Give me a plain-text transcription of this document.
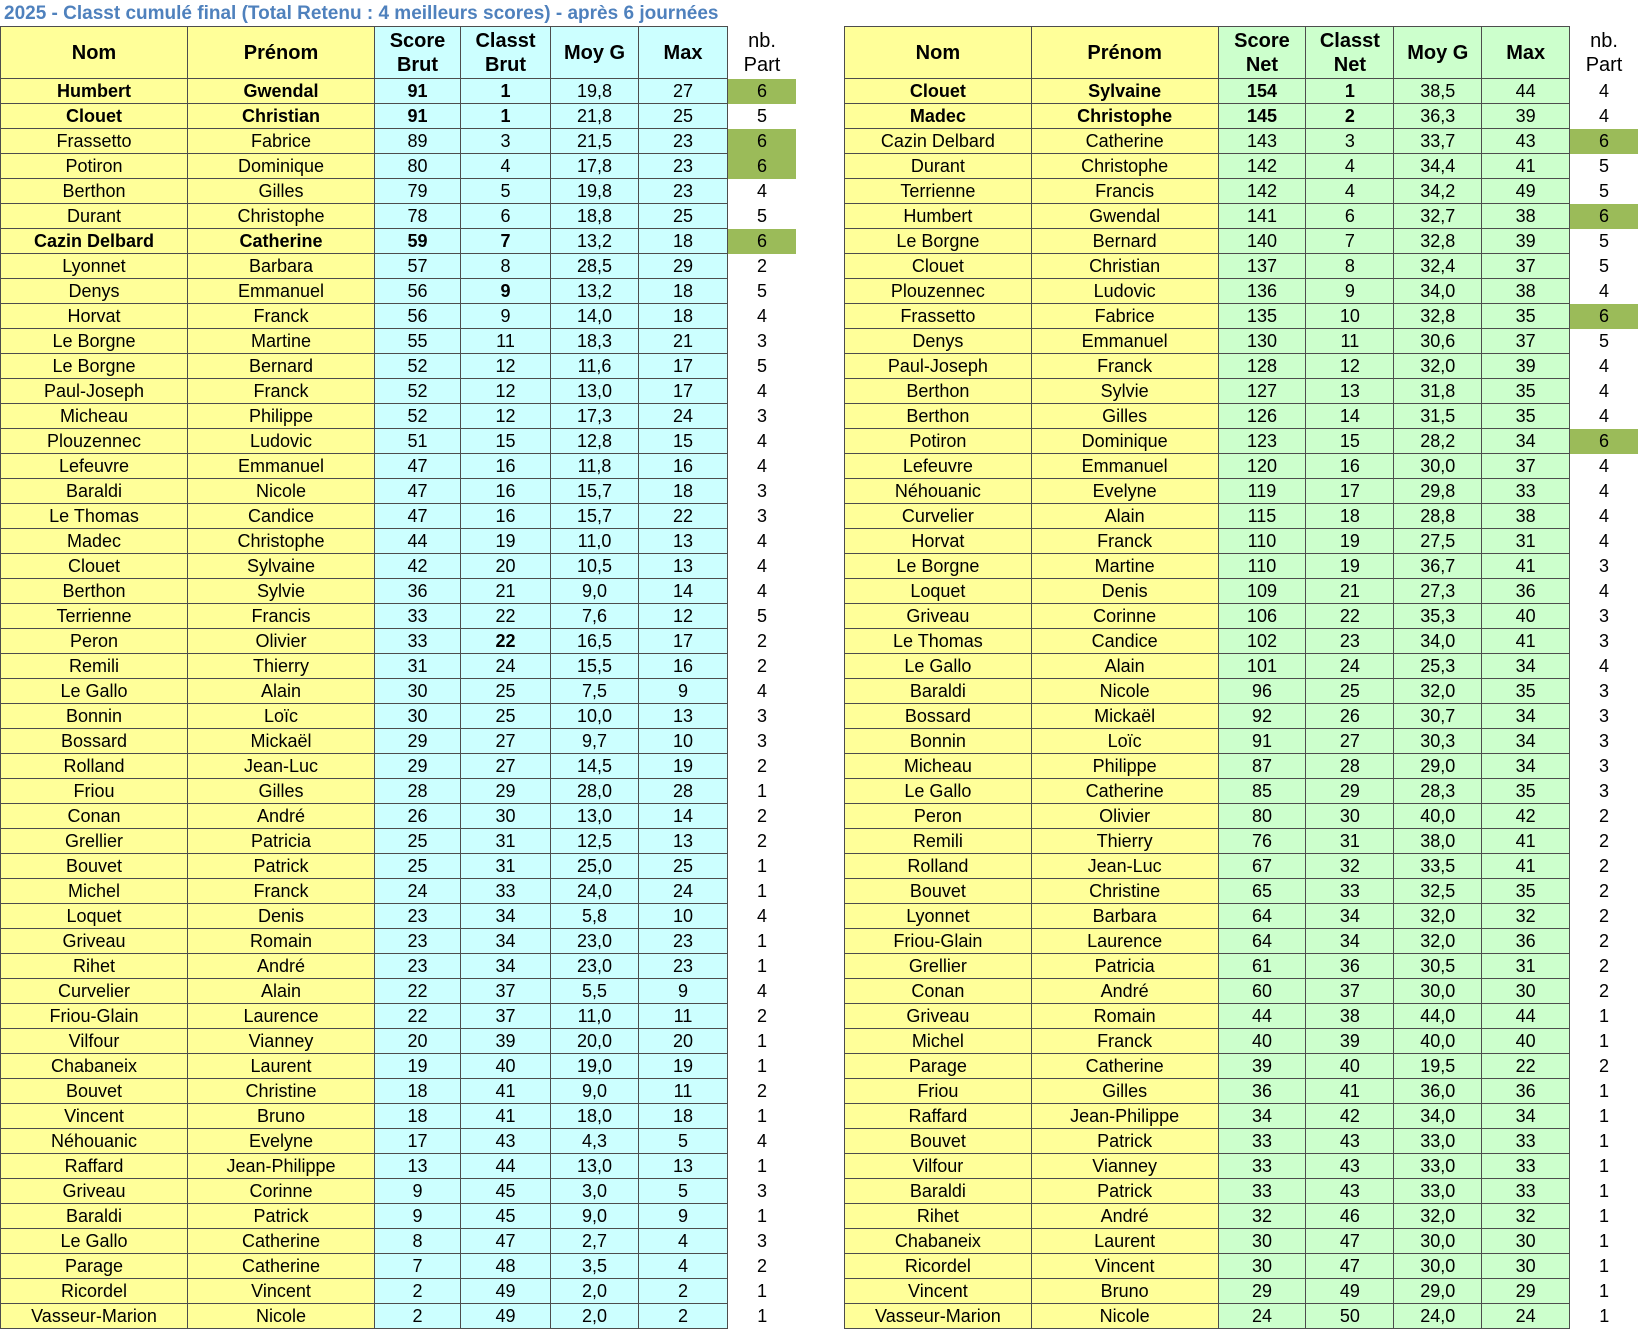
2025 - Classt cumulé final (Total Retenu : 4 meilleurs scores) - après 6 journées
Nom	Prénom	Score Brut	Classt Brut	Moy G	Max	nb. Part
Humbert	Gwendal	91	1	19,8	27	6
Clouet	Christian	91	1	21,8	25	5
Frassetto	Fabrice	89	3	21,5	23	6
Potiron	Dominique	80	4	17,8	23	6
Berthon	Gilles	79	5	19,8	23	4
Durant	Christophe	78	6	18,8	25	5
Cazin Delbard	Catherine	59	7	13,2	18	6
Lyonnet	Barbara	57	8	28,5	29	2
Denys	Emmanuel	56	9	13,2	18	5
Horvat	Franck	56	9	14,0	18	4
Le Borgne	Martine	55	11	18,3	21	3
Le Borgne	Bernard	52	12	11,6	17	5
Paul-Joseph	Franck	52	12	13,0	17	4
Micheau	Philippe	52	12	17,3	24	3
Plouzennec	Ludovic	51	15	12,8	15	4
Lefeuvre	Emmanuel	47	16	11,8	16	4
Baraldi	Nicole	47	16	15,7	18	3
Le Thomas	Candice	47	16	15,7	22	3
Madec	Christophe	44	19	11,0	13	4
Clouet	Sylvaine	42	20	10,5	13	4
Berthon	Sylvie	36	21	9,0	14	4
Terrienne	Francis	33	22	7,6	12	5
Peron	Olivier	33	22	16,5	17	2
Remili	Thierry	31	24	15,5	16	2
Le Gallo	Alain	30	25	7,5	9	4
Bonnin	Loïc	30	25	10,0	13	3
Bossard	Mickaël	29	27	9,7	10	3
Rolland	Jean-Luc	29	27	14,5	19	2
Friou	Gilles	28	29	28,0	28	1
Conan	André	26	30	13,0	14	2
Grellier	Patricia	25	31	12,5	13	2
Bouvet	Patrick	25	31	25,0	25	1
Michel	Franck	24	33	24,0	24	1
Loquet	Denis	23	34	5,8	10	4
Griveau	Romain	23	34	23,0	23	1
Rihet	André	23	34	23,0	23	1
Curvelier	Alain	22	37	5,5	9	4
Friou-Glain	Laurence	22	37	11,0	11	2
Vilfour	Vianney	20	39	20,0	20	1
Chabaneix	Laurent	19	40	19,0	19	1
Bouvet	Christine	18	41	9,0	11	2
Vincent	Bruno	18	41	18,0	18	1
Néhouanic	Evelyne	17	43	4,3	5	4
Raffard	Jean-Philippe	13	44	13,0	13	1
Griveau	Corinne	9	45	3,0	5	3
Baraldi	Patrick	9	45	9,0	9	1
Le Gallo	Catherine	8	47	2,7	4	3
Parage	Catherine	7	48	3,5	4	2
Ricordel	Vincent	2	49	2,0	2	1
Vasseur-Marion	Nicole	2	49	2,0	2	1
Nom	Prénom	Score Net	Classt Net	Moy G	Max	nb. Part
Clouet	Sylvaine	154	1	38,5	44	4
Madec	Christophe	145	2	36,3	39	4
Cazin Delbard	Catherine	143	3	33,7	43	6
Durant	Christophe	142	4	34,4	41	5
Terrienne	Francis	142	4	34,2	49	5
Humbert	Gwendal	141	6	32,7	38	6
Le Borgne	Bernard	140	7	32,8	39	5
Clouet	Christian	137	8	32,4	37	5
Plouzennec	Ludovic	136	9	34,0	38	4
Frassetto	Fabrice	135	10	32,8	35	6
Denys	Emmanuel	130	11	30,6	37	5
Paul-Joseph	Franck	128	12	32,0	39	4
Berthon	Sylvie	127	13	31,8	35	4
Berthon	Gilles	126	14	31,5	35	4
Potiron	Dominique	123	15	28,2	34	6
Lefeuvre	Emmanuel	120	16	30,0	37	4
Néhouanic	Evelyne	119	17	29,8	33	4
Curvelier	Alain	115	18	28,8	38	4
Horvat	Franck	110	19	27,5	31	4
Le Borgne	Martine	110	19	36,7	41	3
Loquet	Denis	109	21	27,3	36	4
Griveau	Corinne	106	22	35,3	40	3
Le Thomas	Candice	102	23	34,0	41	3
Le Gallo	Alain	101	24	25,3	34	4
Baraldi	Nicole	96	25	32,0	35	3
Bossard	Mickaël	92	26	30,7	34	3
Bonnin	Loïc	91	27	30,3	34	3
Micheau	Philippe	87	28	29,0	34	3
Le Gallo	Catherine	85	29	28,3	35	3
Peron	Olivier	80	30	40,0	42	2
Remili	Thierry	76	31	38,0	41	2
Rolland	Jean-Luc	67	32	33,5	41	2
Bouvet	Christine	65	33	32,5	35	2
Lyonnet	Barbara	64	34	32,0	32	2
Friou-Glain	Laurence	64	34	32,0	36	2
Grellier	Patricia	61	36	30,5	31	2
Conan	André	60	37	30,0	30	2
Griveau	Romain	44	38	44,0	44	1
Michel	Franck	40	39	40,0	40	1
Parage	Catherine	39	40	19,5	22	2
Friou	Gilles	36	41	36,0	36	1
Raffard	Jean-Philippe	34	42	34,0	34	1
Bouvet	Patrick	33	43	33,0	33	1
Vilfour	Vianney	33	43	33,0	33	1
Baraldi	Patrick	33	43	33,0	33	1
Rihet	André	32	46	32,0	32	1
Chabaneix	Laurent	30	47	30,0	30	1
Ricordel	Vincent	30	47	30,0	30	1
Vincent	Bruno	29	49	29,0	29	1
Vasseur-Marion	Nicole	24	50	24,0	24	1
